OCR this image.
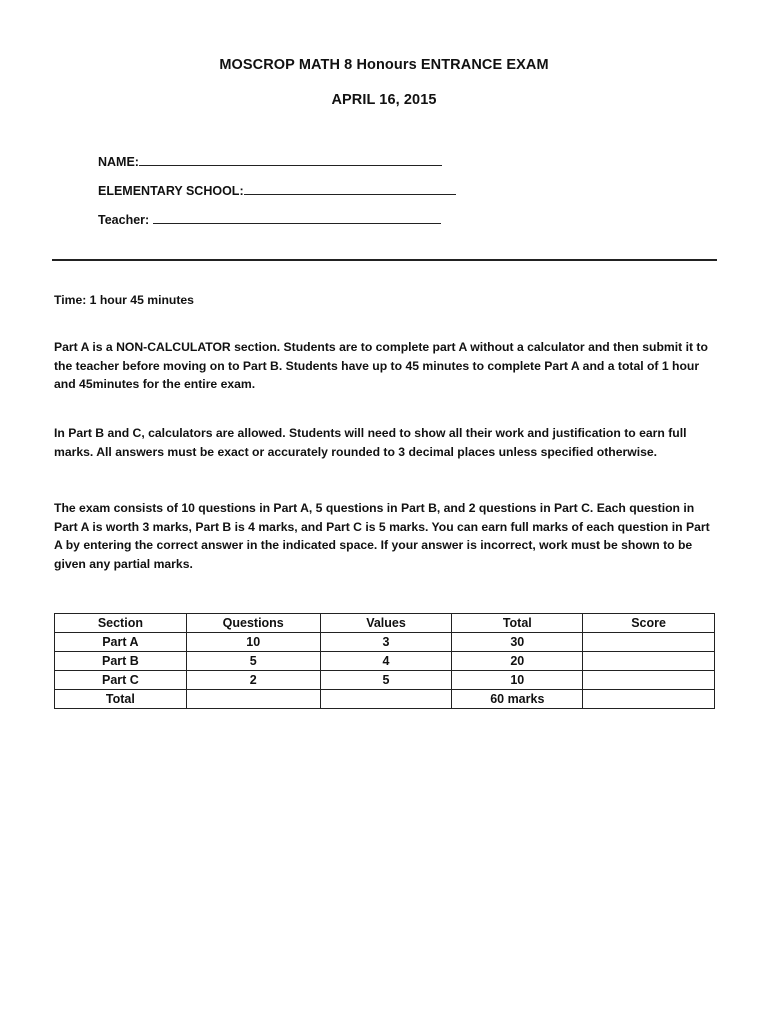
MOSCROP MATH 8 Honours ENTRANCE EXAM
APRIL 16, 2015
NAME:
ELEMENTARY SCHOOL:
Teacher:

Time: 1 hour 45 minutes

Part A is a NON-CALCULATOR section. Students are to complete part A without a calculator and then submit it to the teacher before moving on to Part B. Students have up to 45 minutes to complete Part A and a total of 1 hour and 45minutes for the entire exam.

In Part B and C, calculators are allowed. Students will need to show all their work and justification to earn full marks. All answers must be exact or accurately rounded to 3 decimal places unless specified otherwise.

The exam consists of 10 questions in Part A, 5 questions in Part B, and 2 questions in Part C. Each question in Part A is worth 3 marks, Part B is 4 marks, and Part C is 5 marks. You can earn full marks of each question in Part A by entering the correct answer in the indicated space. If your answer is incorrect, work must be shown to be given any partial marks.

Section	Questions	Values	Total	Score
Part A	10	3	30	
Part B	5	4	20	
Part C	2	5	10	
Total			60 marks	
